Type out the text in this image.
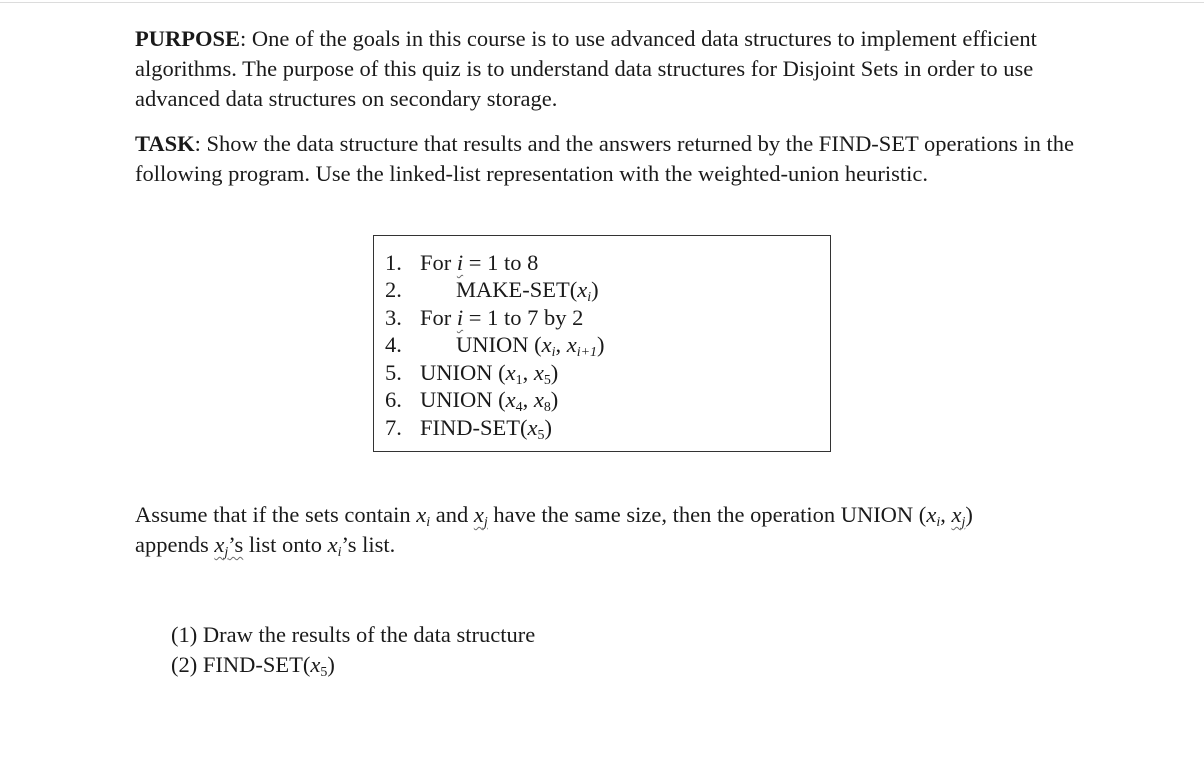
PURPOSE: One of the goals in this course is to use advanced data structures to implement efficient algorithms. The purpose of this quiz is to understand data structures for Disjoint Sets in order to use advanced data structures on secondary storage.

TASK: Show the data structure that results and the answers returned by the FIND-SET operations in the following program. Use the linked-list representation with the weighted-union heuristic.

1. For i = 1 to 8
2.	MAKE-$SET(x_i)$
3. For i = 1 to 7 by 2
4.	UNION ($x_i$, $x_{i+1}$)
5. UNION ($x_1$, $x_5$)
6. UNION ($x_4$, $x_8$)
7. FIND-$SET(x_5)$

Assume that if the sets contain $x_i$ and $x_j$ have the same size, then the operation UNION ($x_i$, $x_j$)
appends $x_j’s$ list onto $x_i’s$ list.

(1) Draw the results of the data structure
(2) FIND-$SET(x_5)$
